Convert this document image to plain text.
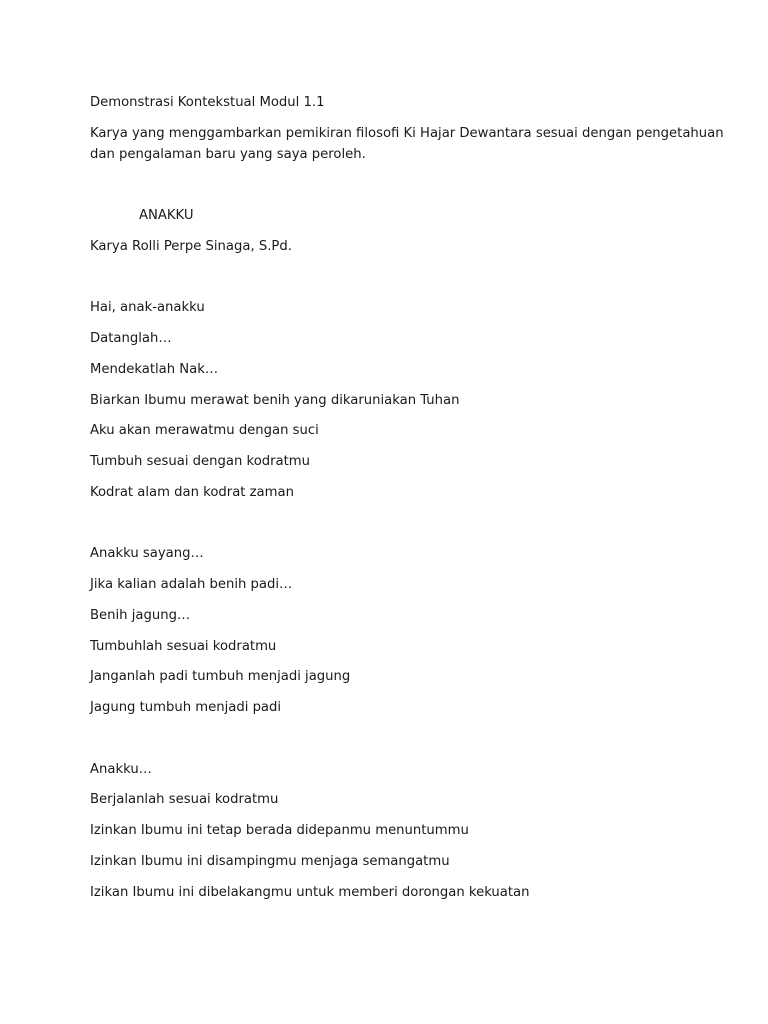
Demonstrasi Kontekstual Modul 1.1
Karya yang menggambarkan pemikiran filosofi Ki Hajar Dewantara sesuai dengan pengetahuan
dan pengalaman baru yang saya peroleh.
ANAKKU
Karya Rolli Perpe Sinaga, S.Pd.
Hai, anak-anakku
Datanglah…
Mendekatlah Nak…
Biarkan Ibumu merawat benih yang dikaruniakan Tuhan
Aku akan merawatmu dengan suci
Tumbuh sesuai dengan kodratmu
Kodrat alam dan kodrat zaman
Anakku sayang…
Jika kalian adalah benih padi…
Benih jagung…
Tumbuhlah sesuai kodratmu
Janganlah padi tumbuh menjadi jagung
Jagung tumbuh menjadi padi
Anakku…
Berjalanlah sesuai kodratmu
Izinkan Ibumu ini tetap berada didepanmu menuntummu
Izinkan Ibumu ini disampingmu menjaga semangatmu
Izikan Ibumu ini dibelakangmu untuk memberi dorongan kekuatan
